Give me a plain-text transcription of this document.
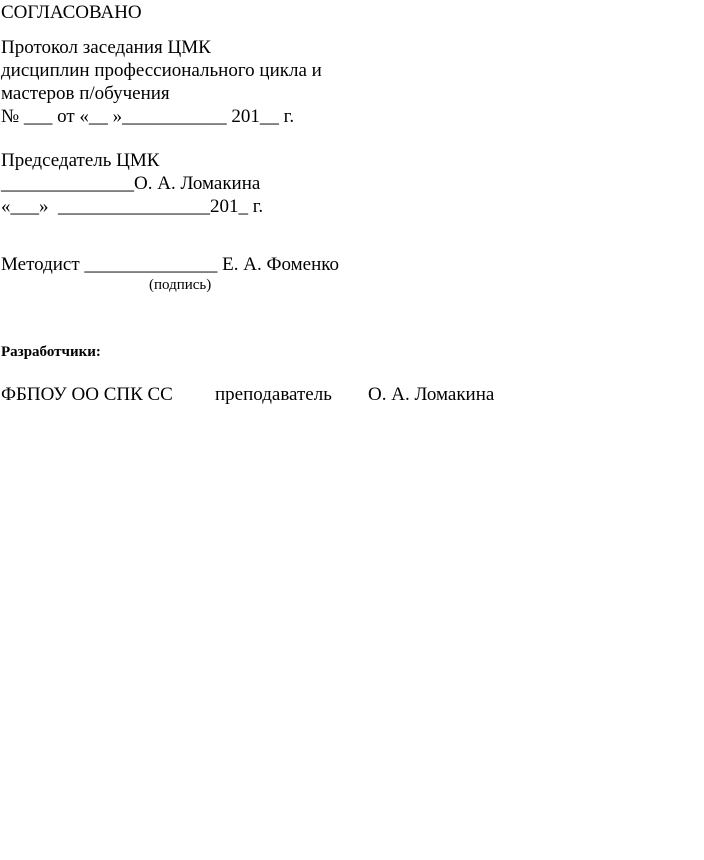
СОГЛАСОВАНО
Протокол заседания ЦМК
дисциплин профессионального цикла и
мастеров п/обучения
№ ___ от «__ »___________ 201__ г.
Председатель ЦМК
______________О. А. Ломакина
«___»  ________________201_ г.
Методист ______________ Е. А. Фоменко
(подпись)
Разработчики:
ФБПОУ ОО СПК СС преподаватель О. А. Ломакина
